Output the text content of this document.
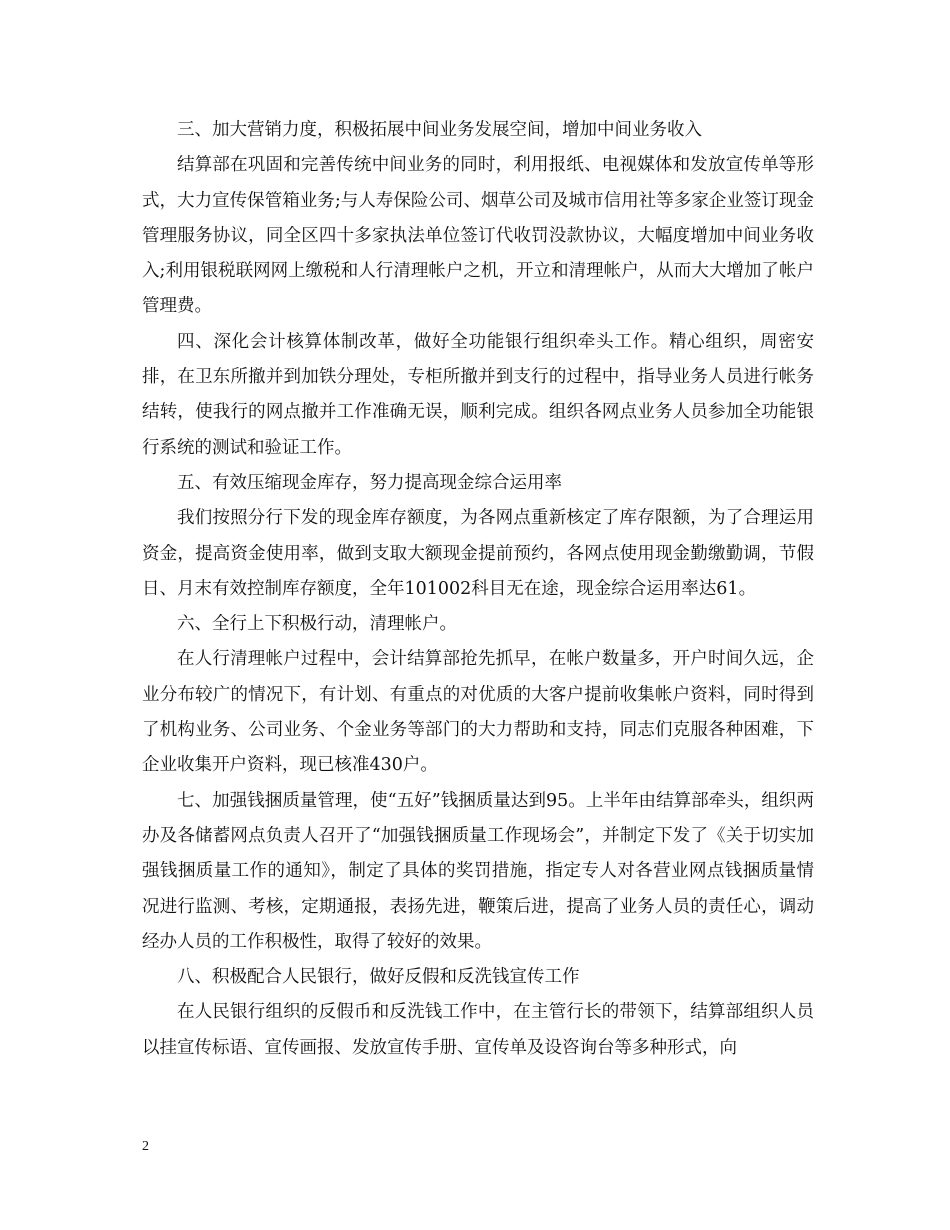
三、加大营销力度，积极拓展中间业务发展空间，增加中间业务收入

结算部在巩固和完善传统中间业务的同时，利用报纸、电视媒体和发放宣传单等形式，大力宣传保管箱业务;与人寿保险公司、烟草公司及城市信用社等多家企业签订现金管理服务协议，同全区四十多家执法单位签订代收罚没款协议，大幅度增加中间业务收入;利用银税联网网上缴税和人行清理帐户之机，开立和清理帐户，从而大大增加了帐户管理费。

四、深化会计核算体制改革，做好全功能银行组织牵头工作。精心组织，周密安排，在卫东所撤并到加铁分理处，专柜所撤并到支行的过程中，指导业务人员进行帐务结转，使我行的网点撤并工作准确无误，顺利完成。组织各网点业务人员参加全功能银行系统的测试和验证工作。

五、有效压缩现金库存，努力提高现金综合运用率

我们按照分行下发的现金库存额度，为各网点重新核定了库存限额，为了合理运用资金，提高资金使用率，做到支取大额现金提前预约，各网点使用现金勤缴勤调，节假日、月末有效控制库存额度，全年101002科目无在途，现金综合运用率达61。

六、全行上下积极行动，清理帐户。

在人行清理帐户过程中，会计结算部抢先抓早，在帐户数量多，开户时间久远，企业分布较广的情况下，有计划、有重点的对优质的大客户提前收集帐户资料，同时得到了机构业务、公司业务、个金业务等部门的大力帮助和支持，同志们克服各种困难，下企业收集开户资料，现已核准430户。

七、加强钱捆质量管理，使“五好”钱捆质量达到95。上半年由结算部牵头，组织两办及各储蓄网点负责人召开了“加强钱捆质量工作现场会”，并制定下发了《关于切实加强钱捆质量工作的通知》，制定了具体的奖罚措施，指定专人对各营业网点钱捆质量情况进行监测、考核，定期通报，表扬先进，鞭策后进，提高了业务人员的责任心，调动经办人员的工作积极性，取得了较好的效果。

八、积极配合人民银行，做好反假和反洗钱宣传工作

在人民银行组织的反假币和反洗钱工作中，在主管行长的带领下，结算部组织人员以挂宣传标语、宣传画报、发放宣传手册、宣传单及设咨询台等多种形式，向

2
